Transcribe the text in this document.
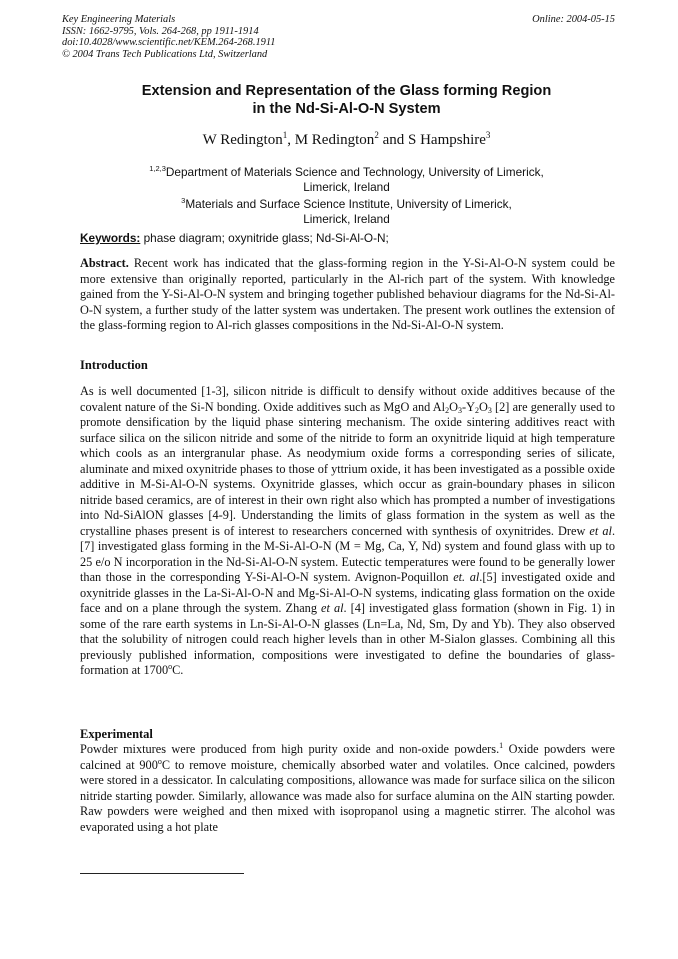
Key Engineering Materials
ISSN: 1662-9795, Vols. 264-268, pp 1911-1914
doi:10.4028/www.scientific.net/KEM.264-268.1911
© 2004 Trans Tech Publications Ltd, Switzerland
Online: 2004-05-15
Extension and Representation of the Glass forming Region
in the Nd-Si-Al-O-N System
W Redington$^1$, M Redington$^2$ and S Hampshire$^3$
$^{1,2,3}$Department of Materials Science and Technology, University of Limerick,
Limerick, Ireland
$^3$Materials and Surface Science Institute, University of Limerick,
Limerick, Ireland
Keywords: phase diagram; oxynitride glass; Nd-Si-Al-O-N;
Abstract. Recent work has indicated that the glass-forming region in the Y-Si-Al-O-N system could be more extensive than originally reported, particularly in the Al-rich part of the system. With knowledge gained from the Y-Si-Al-O-N system and bringing together published behaviour diagrams for the Nd-Si-Al-O-N system, a further study of the latter system was undertaken. The present work outlines the extension of the glass-forming region to Al-rich glasses compositions in the Nd-Si-Al-O-N system.
Introduction
As is well documented [1-3], silicon nitride is difficult to densify without oxide additives because of the covalent nature of the Si-N bonding. Oxide additives such as MgO and $Al_2O_3-Y_2O_3$ [2] are generally used to promote densification by the liquid phase sintering mechanism. The oxide sintering additives react with surface silica on the silicon nitride and some of the nitride to form an oxynitride liquid at high temperature which cools as an intergranular phase. As neodymium oxide forms a corresponding series of silicate, aluminate and mixed oxynitride phases to those of yttrium oxide, it has been investigated as a possible oxide additive in M-Si-Al-O-N systems. Oxynitride glasses, which occur as grain-boundary phases in silicon nitride based ceramics, are of interest in their own right also which has prompted a number of investigations into Nd-SiAlON glasses [4-9]. Understanding the limits of glass formation in the system as well as the crystalline phases present is of interest to researchers concerned with synthesis of oxynitrides. Drew et al. [7] investigated glass forming in the M-Si-Al-O-N (M = Mg, Ca, Y, Nd) system and found glass with up to 25 e/o N incorporation in the Nd-Si-Al-O-N system. Eutectic temperatures were found to be generally lower than those in the corresponding Y-Si-Al-O-N system. Avignon-Poquillon et. al.[5] investigated oxide and oxynitride glasses in the La-Si-Al-O-N and Mg-Si-Al-O-N systems, indicating glass formation on the oxide face and on a plane through the system. Zhang et al. [4] investigated glass formation (shown in Fig. 1) in some of the rare earth systems in Ln-Si-Al-O-N glasses (Ln=La, Nd, Sm, Dy and Yb). They also observed that the solubility of nitrogen could reach higher levels than in other M-Sialon glasses. Combining all this previously published information, compositions were investigated to define the boundaries of glass-formation at 1700$^o$C.
Experimental
Powder mixtures were produced from high purity oxide and non-oxide powders.$^1$ Oxide powders were calcined at 900$^o$C to remove moisture, chemically absorbed water and volatiles. Once calcined, powders were stored in a dessicator. In calculating compositions, allowance was made for surface silica on the silicon nitride starting powder. Similarly, allowance was made also for surface alumina on the AlN starting powder. Raw powders were weighed and then mixed with isopropanol using a magnetic stirrer. The alcohol was evaporated using a hot plate
